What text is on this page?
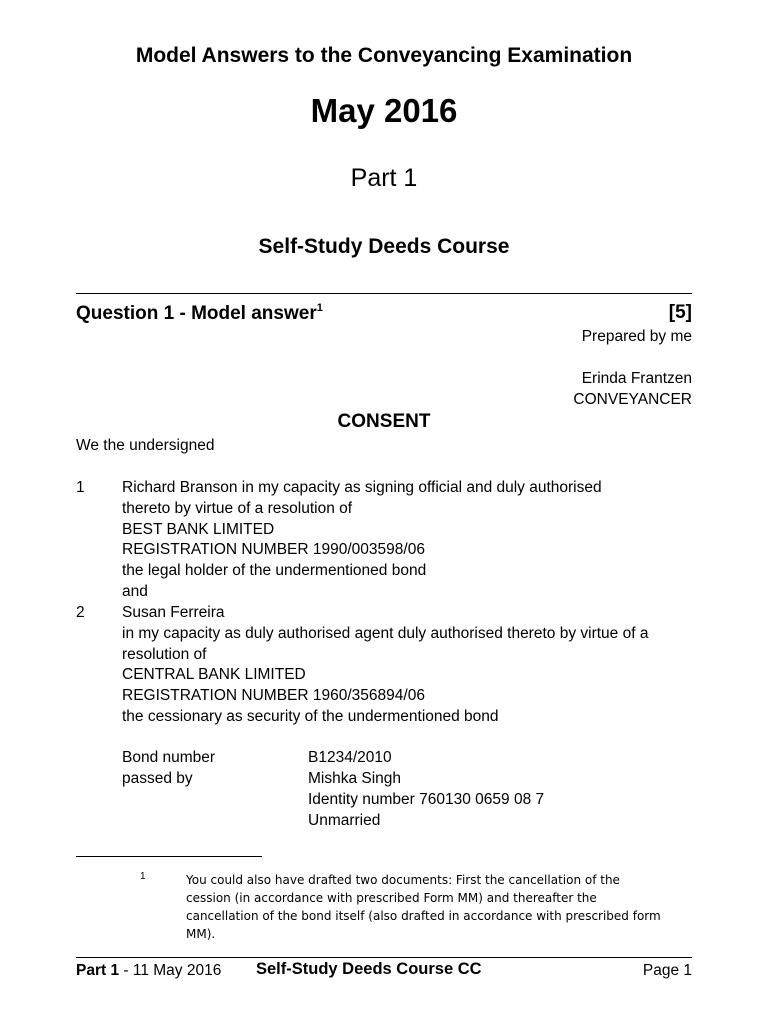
Model Answers to the Conveyancing Examination
May 2016
Part 1
Self-Study Deeds Course
Question 1 - Model answer$^1$	[5]
Prepared by me
Erinda Frantzen
CONVEYANCER
CONSENT
We the undersigned
1 Richard Branson in my capacity as signing official and duly authorised
thereto by virtue of a resolution of
BEST BANK LIMITED
REGISTRATION NUMBER 1990/003598/06
the legal holder of the undermentioned bond
and
2 Susan Ferreira
in my capacity as duly authorised agent duly authorised thereto by virtue of a
resolution of
CENTRAL BANK LIMITED
REGISTRATION NUMBER 1960/356894/06
the cessionary as security of the undermentioned bond
Bond number	B1234/2010
passed by	Mishka Singh
Identity number 760130 0659 08 7
Unmarried
1	You could also have drafted two documents: First the cancellation of the cession (in accordance with prescribed Form MM) and thereafter the cancellation of the bond itself (also drafted in accordance with prescribed form MM).
Part 1 - 11 May 2016 Self-Study Deeds Course CC	Page 1
